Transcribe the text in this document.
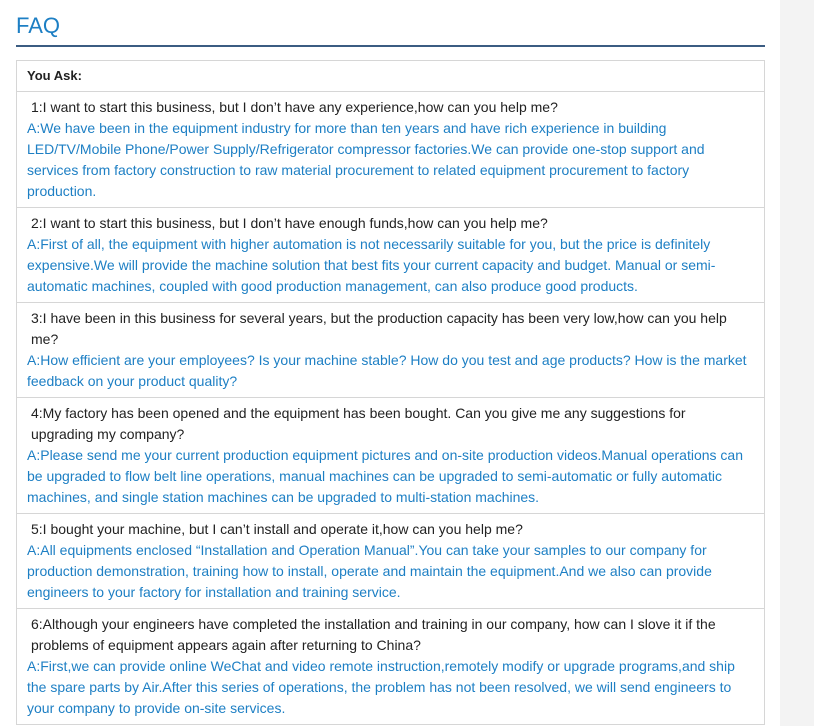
FAQ
You Ask:
1:I want to start this business, but I don’t have any experience,how can you help me?
A:We have been in the equipment industry for more than ten years and have rich experience in building LED/TV/Mobile Phone/Power Supply/Refrigerator compressor factories.We can provide one-stop support and services from factory construction to raw material procurement to related equipment procurement to factory production.
2:I want to start this business, but I don’t have enough funds,how can you help me?
A:First of all, the equipment with higher automation is not necessarily suitable for you, but the price is definitely expensive.We will provide the machine solution that best fits your current capacity and budget. Manual or semi-automatic machines, coupled with good production management, can also produce good products.
3:I have been in this business for several years, but the production capacity has been very low,how can you help me?
A:How efficient are your employees? Is your machine stable? How do you test and age products? How is the market feedback on your product quality?
4:My factory has been opened and the equipment has been bought. Can you give me any suggestions for upgrading my company?
A:Please send me your current production equipment pictures and on-site production videos.Manual operations can be upgraded to flow belt line operations, manual machines can be upgraded to semi-automatic or fully automatic machines, and single station machines can be upgraded to multi-station machines.
5:I bought your machine, but I can’t install and operate it,how can you help me?
A:All equipments enclosed “Installation and Operation Manual”.You can take your samples to our company for production demonstration, training how to install, operate and maintain the equipment.And we also can provide engineers to your factory for installation and training service.
6:Although your engineers have completed the installation and training in our company, how can I slove it if the problems of equipment appears again after returning to China?
A:First,we can provide online WeChat and video remote instruction,remotely modify or upgrade programs,and ship the spare parts by Air.After this series of operations, the problem has not been resolved, we will send engineers to your company to provide on-site services.
